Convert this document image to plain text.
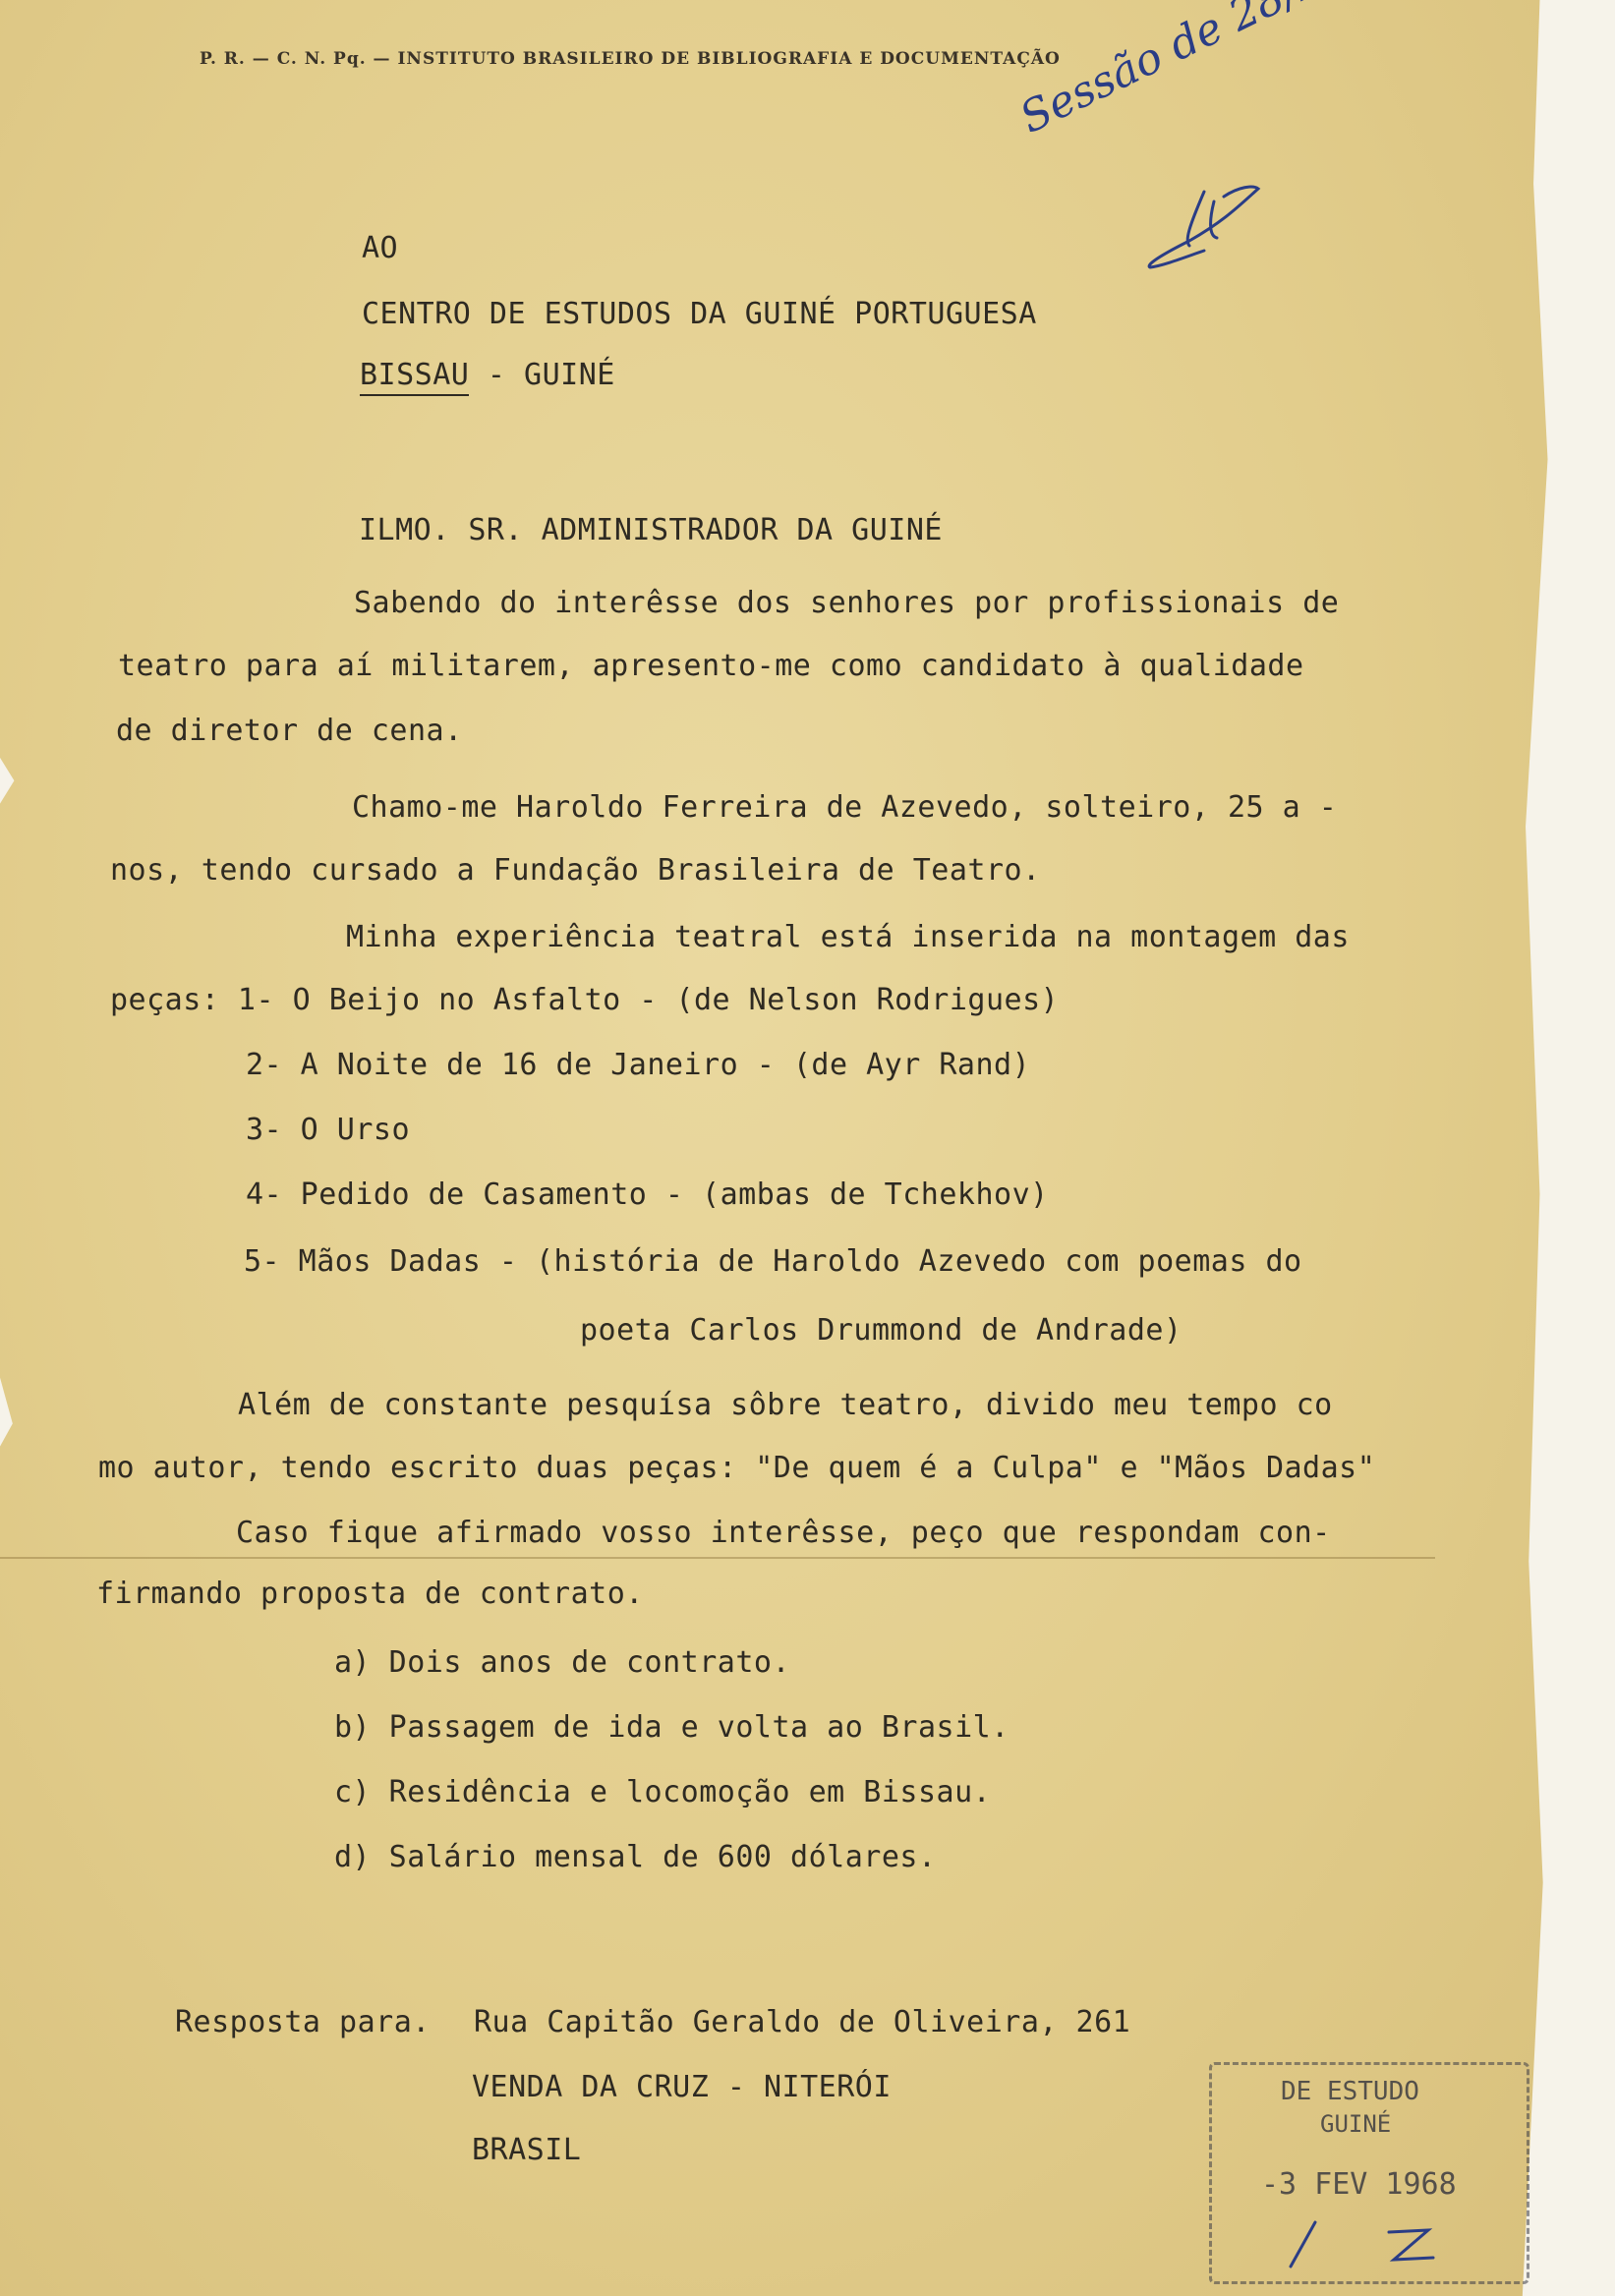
P. R. — C. N. Pq. — INSTITUTO BRASILEIRO DE BIBLIOGRAFIA E DOCUMENTAÇÃO
AO
CENTRO DE ESTUDOS DA GUINÉ PORTUGUESA
BISSAU - GUINÉ
ILMO. SR. ADMINISTRADOR DA GUINÉ
Sabendo do interêsse dos senhores por profissionais de
teatro para aí militarem, apresento-me como candidato à qualidade
de diretor de cena.
Chamo-me Haroldo Ferreira de Azevedo, solteiro, 25 a -
nos, tendo cursado a Fundação Brasileira de Teatro.
Minha experiência teatral está inserida na montagem das
peças: 1- O Beijo no Asfalto - (de Nelson Rodrigues)
2- A Noite de 16 de Janeiro - (de Ayr Rand)
3- O Urso
4- Pedido de Casamento - (ambas de Tchekhov)
5- Mãos Dadas - (história de Haroldo Azevedo com poemas do
poeta Carlos Drummond de Andrade)
Além de constante pesquísa sôbre teatro, divido meu tempo co
mo autor, tendo escrito duas peças: "De quem é a Culpa" e "Mãos Dadas"
Caso fique afirmado vosso interêsse, peço que respondam con-
firmando proposta de contrato.
a) Dois anos de contrato.
b) Passagem de ida e volta ao Brasil.
c) Residência e locomoção em Bissau.
d) Salário mensal de 600 dólares.
Resposta para. Rua Capitão Geraldo de Oliveira, 261
VENDA DA CRUZ - NITERÓI
BRASIL
DE ESTUDO
GUINÉ
-3 FEV 1968
